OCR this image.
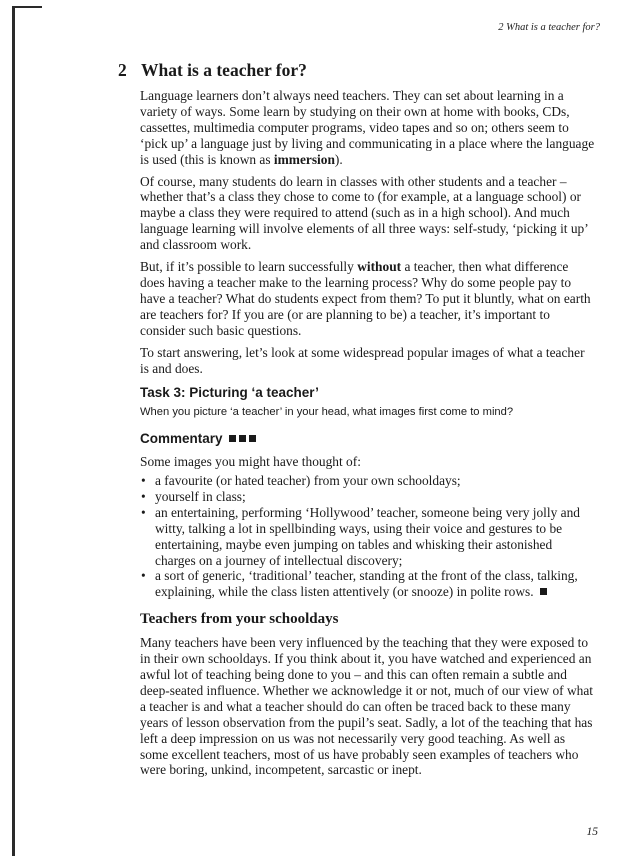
2 What is a teacher for?
2 What is a teacher for?

Language learners don’t always need teachers. They can set about learning in a variety of ways. Some learn by studying on their own at home with books, CDs, cassettes, multimedia computer programs, video tapes and so on; others seem to ‘pick up’ a language just by living and communicating in a place where the language is used (this is known as immersion).

Of course, many students do learn in classes with other students and a teacher – whether that’s a class they chose to come to (for example, at a language school) or maybe a class they were required to attend (such as in a high school). And much language learning will involve elements of all three ways: self-study, ‘picking it up’ and classroom work.

But, if it’s possible to learn successfully without a teacher, then what difference does having a teacher make to the learning process? Why do some people pay to have a teacher? What do students expect from them? To put it bluntly, what on earth are teachers for? If you are (or are planning to be) a teacher, it’s important to consider such basic questions.

To start answering, let’s look at some widespread popular images of what a teacher is and does.

Task 3: Picturing ‘a teacher’
When you picture ‘a teacher’ in your head, what images first come to mind?
Commentary

Some images you might have thought of:

• a favourite (or hated teacher) from your own schooldays;
• yourself in class;
• an entertaining, performing ‘Hollywood’ teacher, someone being very jolly and witty, talking a lot in spellbinding ways, using their voice and gestures to be entertaining, maybe even jumping on tables and whisking their astonished charges on a journey of intellectual discovery;
• a sort of generic, ‘traditional’ teacher, standing at the front of the class, talking, explaining, while the class listen attentively (or snooze) in polite rows.
Teachers from your schooldays

Many teachers have been very influenced by the teaching that they were exposed to in their own schooldays. If you think about it, you have watched and experienced an awful lot of teaching being done to you – and this can often remain a subtle and deep-seated influence. Whether we acknowledge it or not, much of our view of what a teacher is and what a teacher should do can often be traced back to these many years of lesson observation from the pupil’s seat. Sadly, a lot of the teaching that has left a deep impression on us was not necessarily very good teaching. As well as some excellent teachers, most of us have probably seen examples of teachers who were boring, unkind, incompetent, sarcastic or inept.

15
